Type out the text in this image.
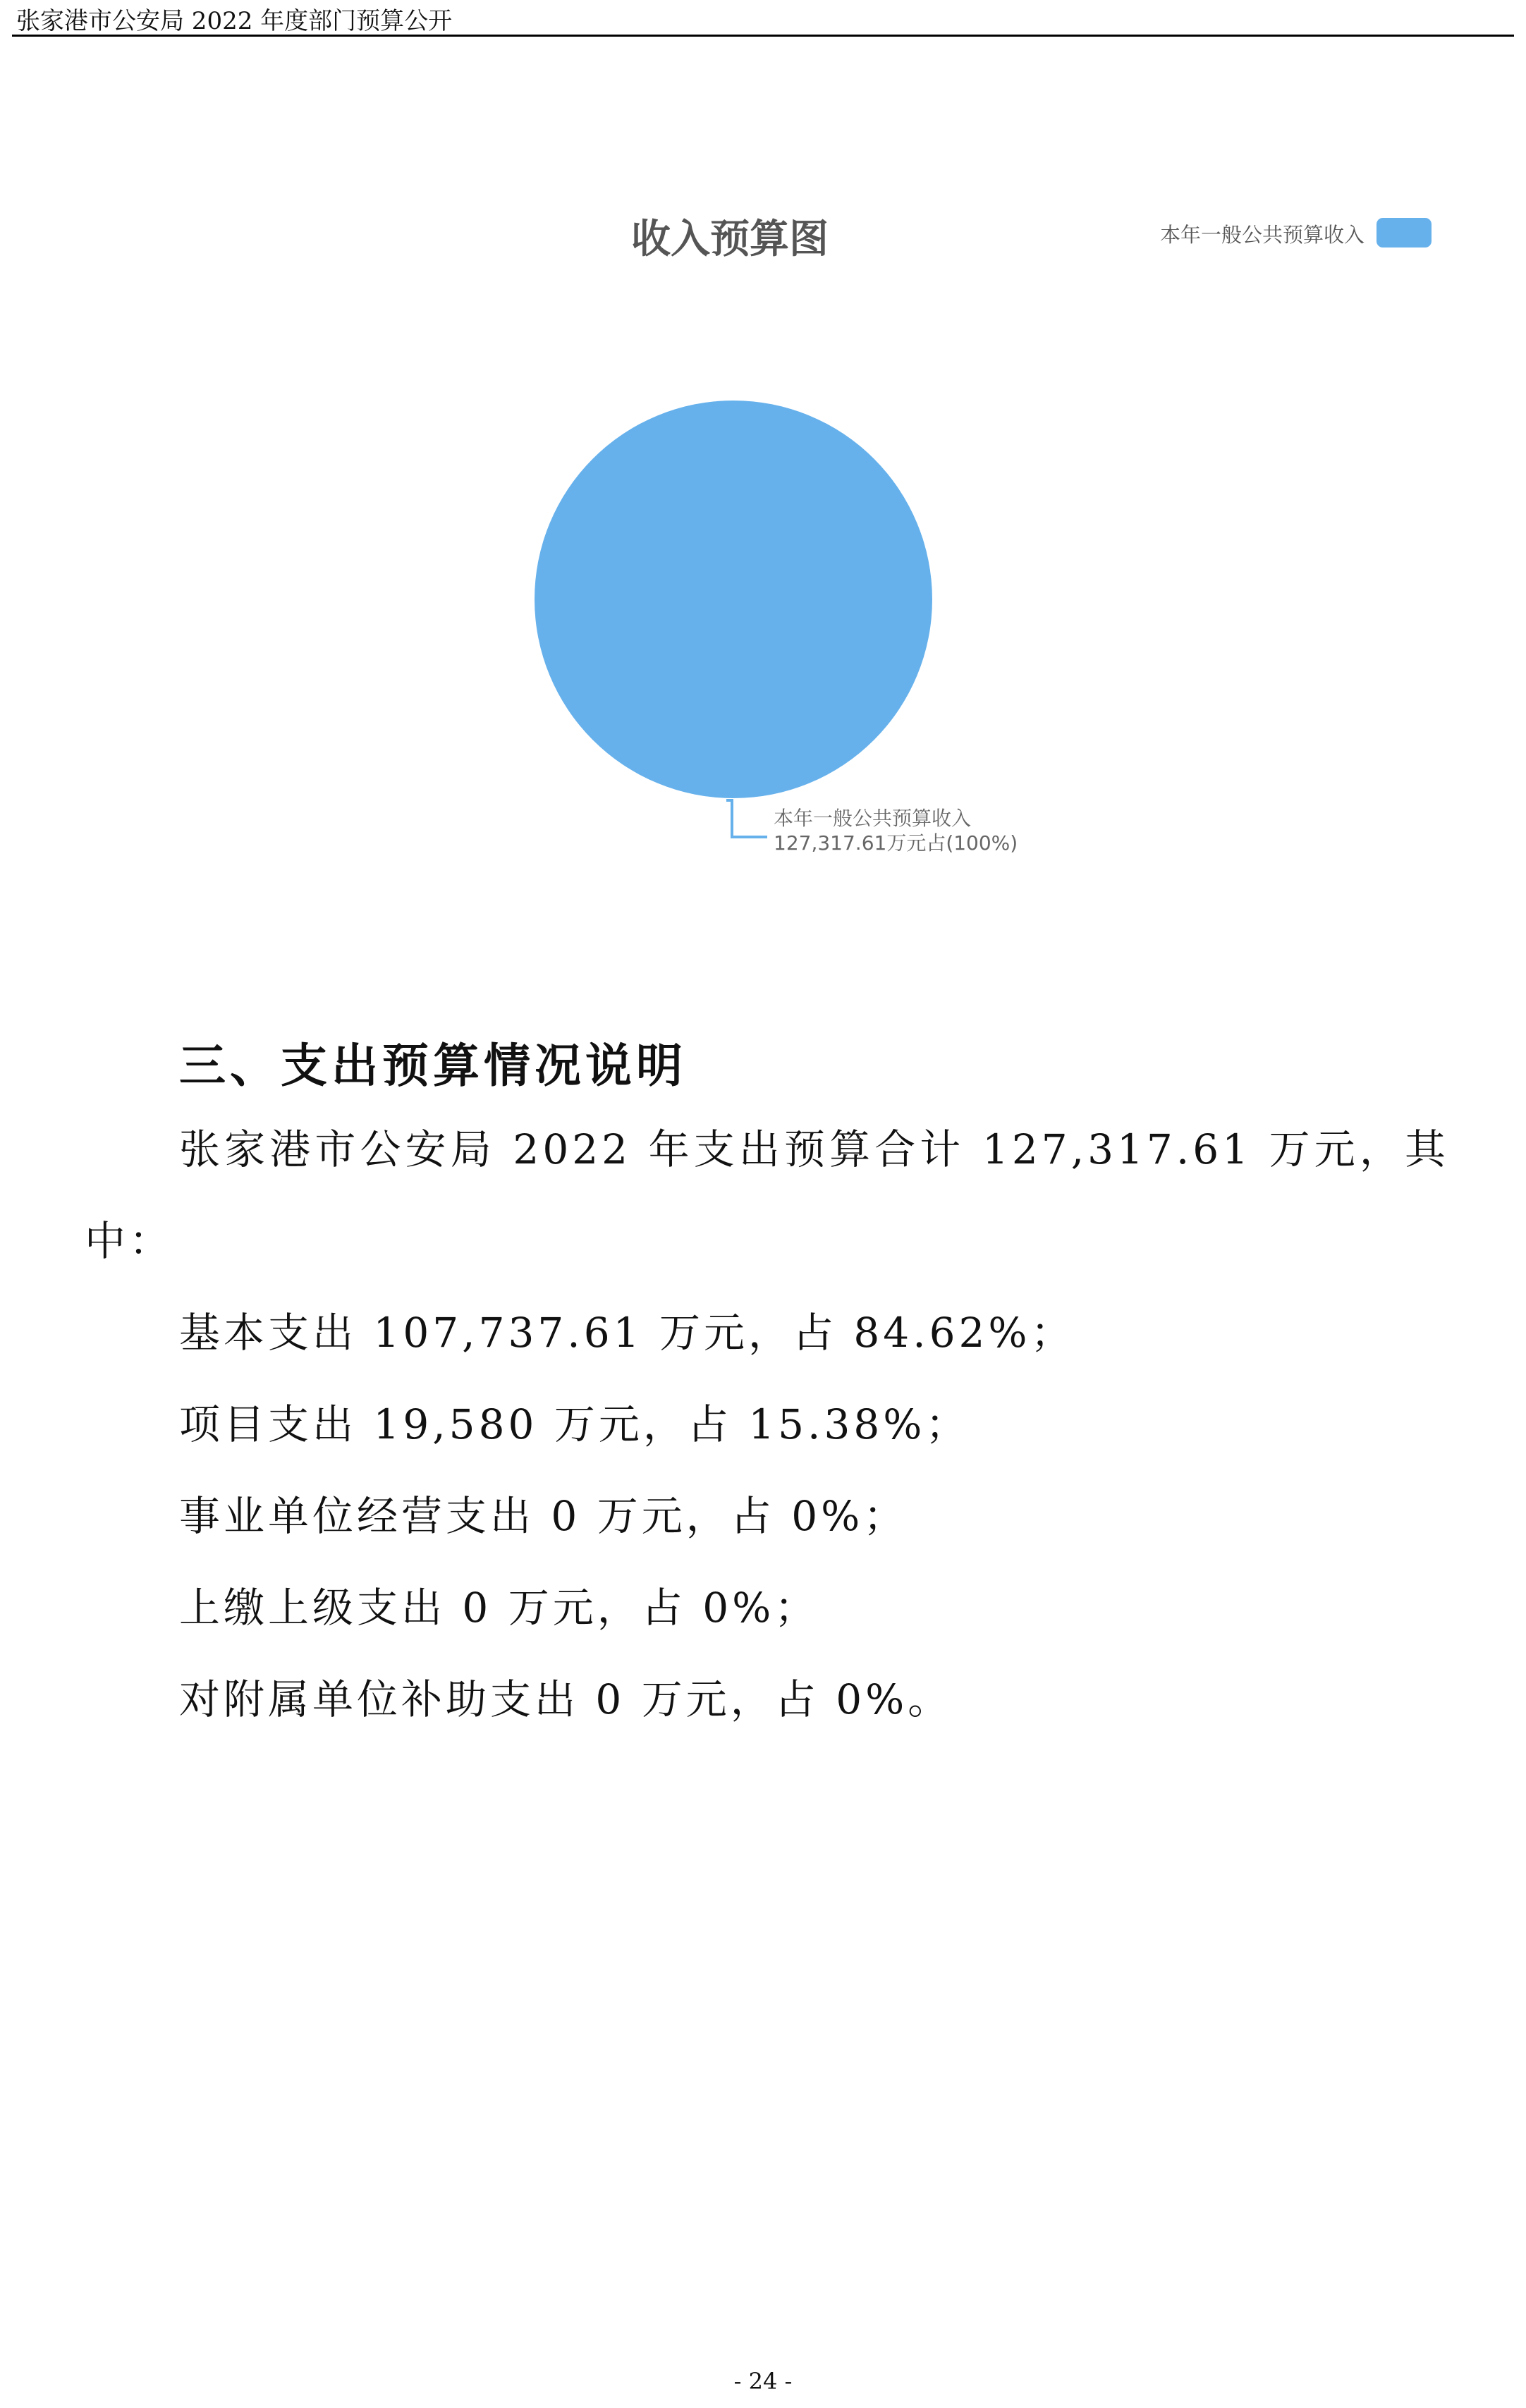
张家港市公安局 2022 年度部门预算公开
收入预算图	本年一般公共预算收入
本年一般公共预算收入
127,317.61万元占(100%)
三、支出预算情况说明

张家港市公安局 2022 年支出预算合计 127,317.61 万元，其中：

基本支出 107,737.61 万元，占 84.62%；

项目支出 19,580 万元，占 15.38%；

事业单位经营支出 0 万元，占 0%；

上缴上级支出 0 万元，占 0%；

对附属单位补助支出 0 万元，占 0%。

- 24 -
